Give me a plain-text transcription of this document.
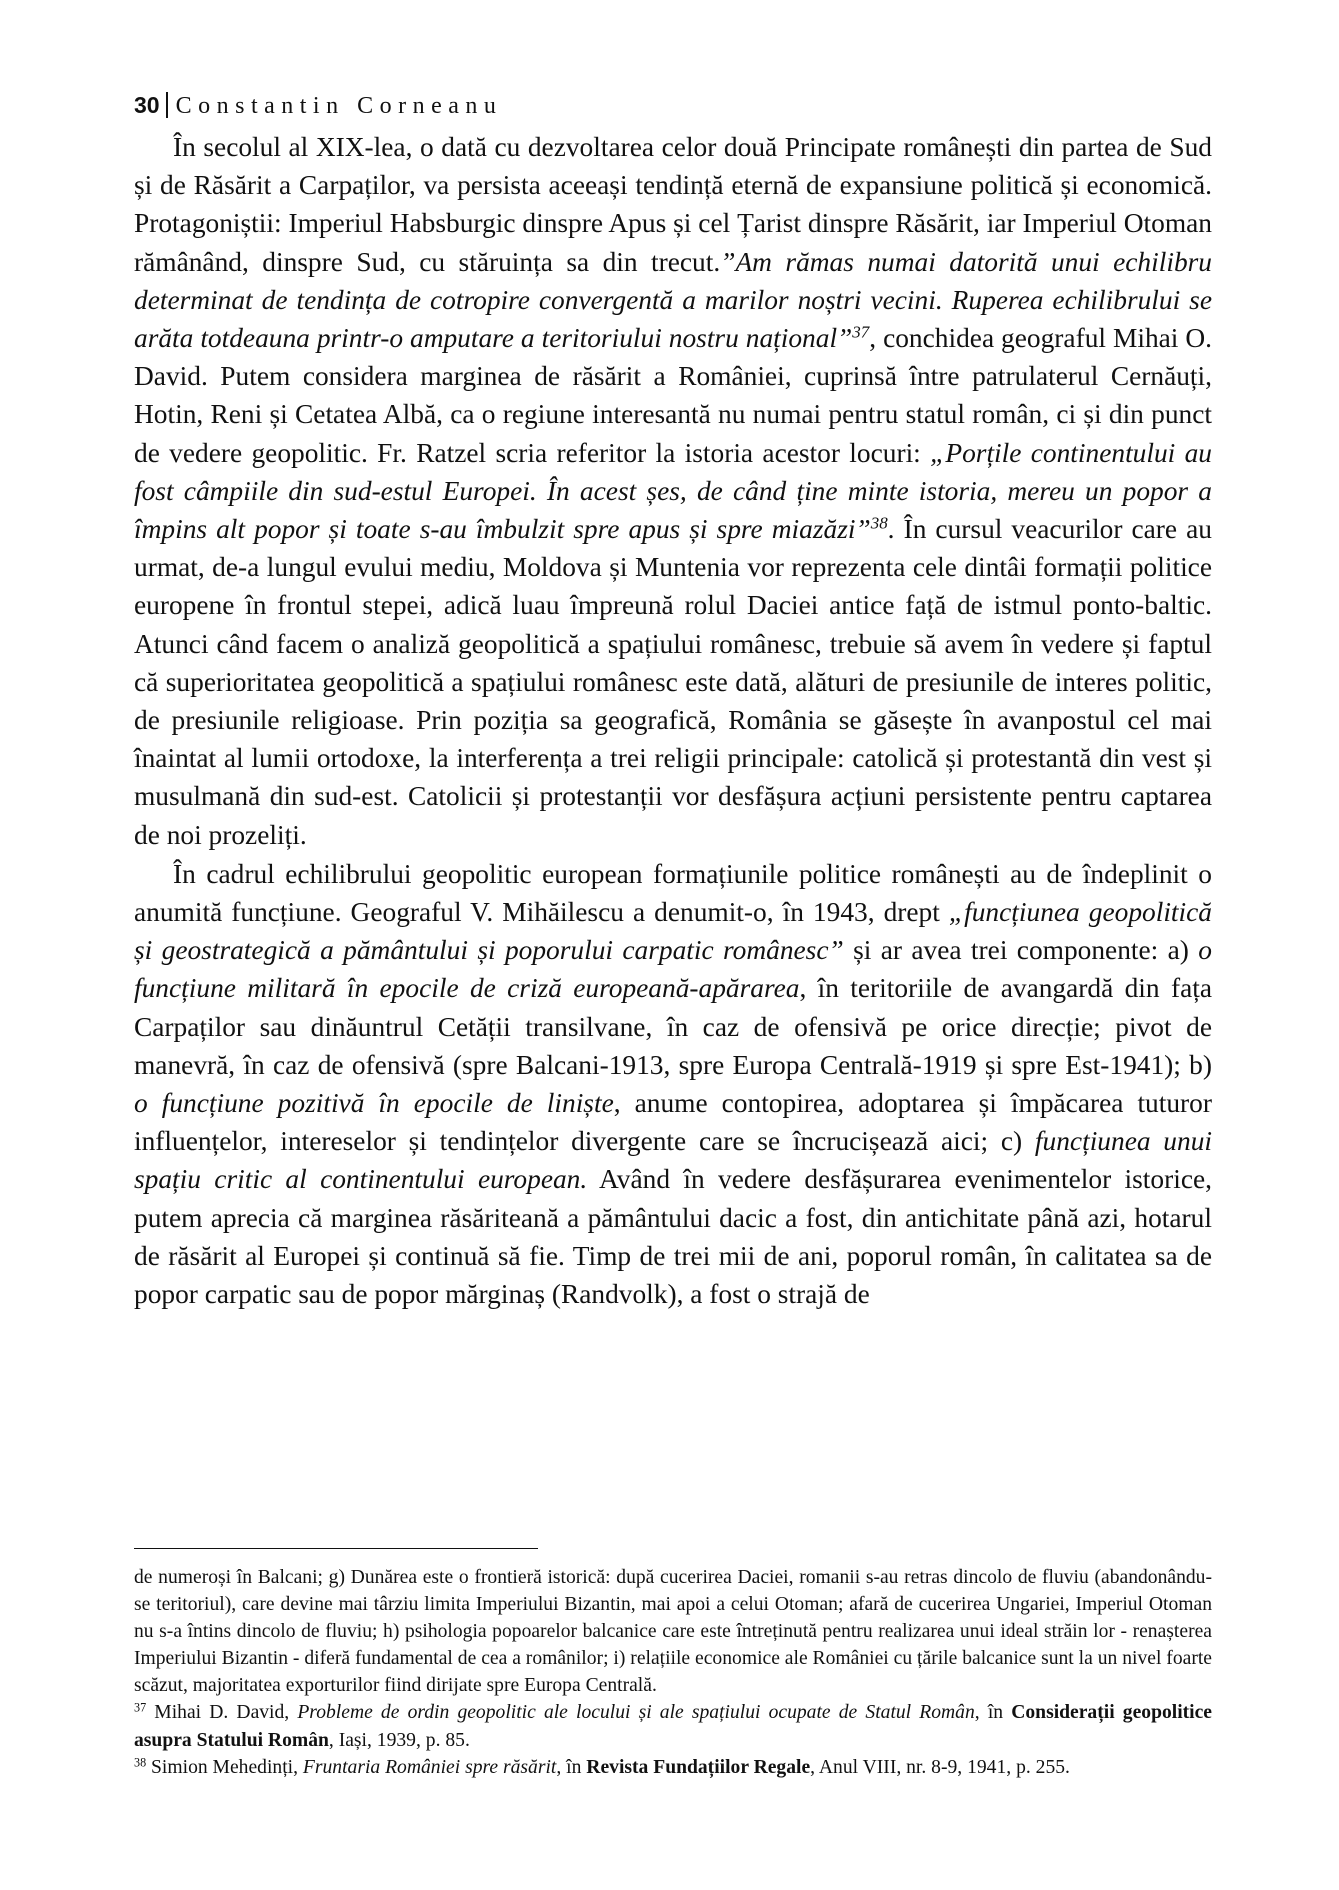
30 Constantin Corneanu

În secolul al XIX-lea, o dată cu dezvoltarea celor două Principate românești din partea de Sud și de Răsărit a Carpaților, va persista aceeași tendință eternă de expansiune politică și economică. Protagoniștii: Imperiul Habsburgic dinspre Apus și cel Țarist dinspre Răsărit, iar Imperiul Otoman rămânând, dinspre Sud, cu stăruința sa din trecut.”Am rămas numai datorită unui echilibru determinat de tendința de cotropire convergentă a marilor noștri vecini. Ruperea echilibrului se arăta totdeauna printr-o amputare a teritoriului nostru național”$^{37}$, conchidea geograful Mihai O. David. Putem considera marginea de răsărit a României, cuprinsă între patrulaterul Cernăuți, Hotin, Reni și Cetatea Albă, ca o regiune interesantă nu numai pentru statul român, ci și din punct de vedere geopolitic. Fr. Ratzel scria referitor la istoria acestor locuri: „Porțile continentului au fost câmpiile din sud-estul Europei. În acest șes, de când ține minte istoria, mereu un popor a împins alt popor și toate s-au îmbulzit spre apus și spre miazăzi”$^{38}$. În cursul veacurilor care au urmat, de-a lungul evului mediu, Moldova și Muntenia vor reprezenta cele dintâi formații politice europene în frontul stepei, adică luau împreună rolul Daciei antice față de istmul ponto-baltic. Atunci când facem o analiză geopolitică a spațiului românesc, trebuie să avem în vedere și faptul că superioritatea geopolitică a spațiului românesc este dată, alături de presiunile de interes politic, de presiunile religioase. Prin poziția sa geografică, România se găsește în avanpostul cel mai înaintat al lumii ortodoxe, la interferența a trei religii principale: catolică și protestantă din vest și musulmană din sud-est. Catolicii și protestanții vor desfășura acțiuni persistente pentru captarea de noi prozeliți.

În cadrul echilibrului geopolitic european formațiunile politice românești au de îndeplinit o anumită funcțiune. Geograful V. Mihăilescu a denumit-o, în 1943, drept „funcțiunea geopolitică și geostrategică a pământului și poporului carpatic românesc” și ar avea trei componente: a) o funcțiune militară în epocile de criză europeană-apărarea, în teritoriile de avangardă din fața Carpaților sau dinăuntrul Cetății transilvane, în caz de ofensivă pe orice direcție; pivot de manevră, în caz de ofensivă (spre Balcani-1913, spre Europa Centrală-1919 și spre Est-1941); b) o funcțiune pozitivă în epocile de liniște, anume contopirea, adoptarea și împăcarea tuturor influențelor, intereselor și tendințelor divergente care se încrucișează aici; c) funcțiunea unui spațiu critic al continentului european. Având în vedere desfășurarea evenimentelor istorice, putem aprecia că marginea răsăriteană a pământului dacic a fost, din antichitate până azi, hotarul de răsărit al Europei și continuă să fie. Timp de trei mii de ani, poporul român, în calitatea sa de popor carpatic sau de popor mărginaș (Randvolk), a fost o strajă de

de numeroși în Balcani; g) Dunărea este o frontieră istorică: după cucerirea Daciei, romanii s-au retras dincolo de fluviu (abandonându-se teritoriul), care devine mai târziu limita Imperiului Bizantin, mai apoi a celui Otoman; afară de cucerirea Ungariei, Imperiul Otoman nu s-a întins dincolo de fluviu; h) psihologia popoarelor balcanice care este întreținută pentru realizarea unui ideal străin lor - renașterea Imperiului Bizantin - diferă fundamental de cea a românilor; i) relațiile economice ale României cu țările balcanice sunt la un nivel foarte scăzut, majoritatea exporturilor fiind dirijate spre Europa Centrală.

$^{37}$ Mihai D. David, Probleme de ordin geopolitic ale locului și ale spațiului ocupate de Statul Român, în Considerații geopolitice asupra Statului Român, Iași, 1939, p. 85.

$^{38}$ Simion Mehedinți, Fruntaria României spre răsărit, în Revista Fundațiilor Regale, Anul VIII, nr. 8-9, 1941, p. 255.
